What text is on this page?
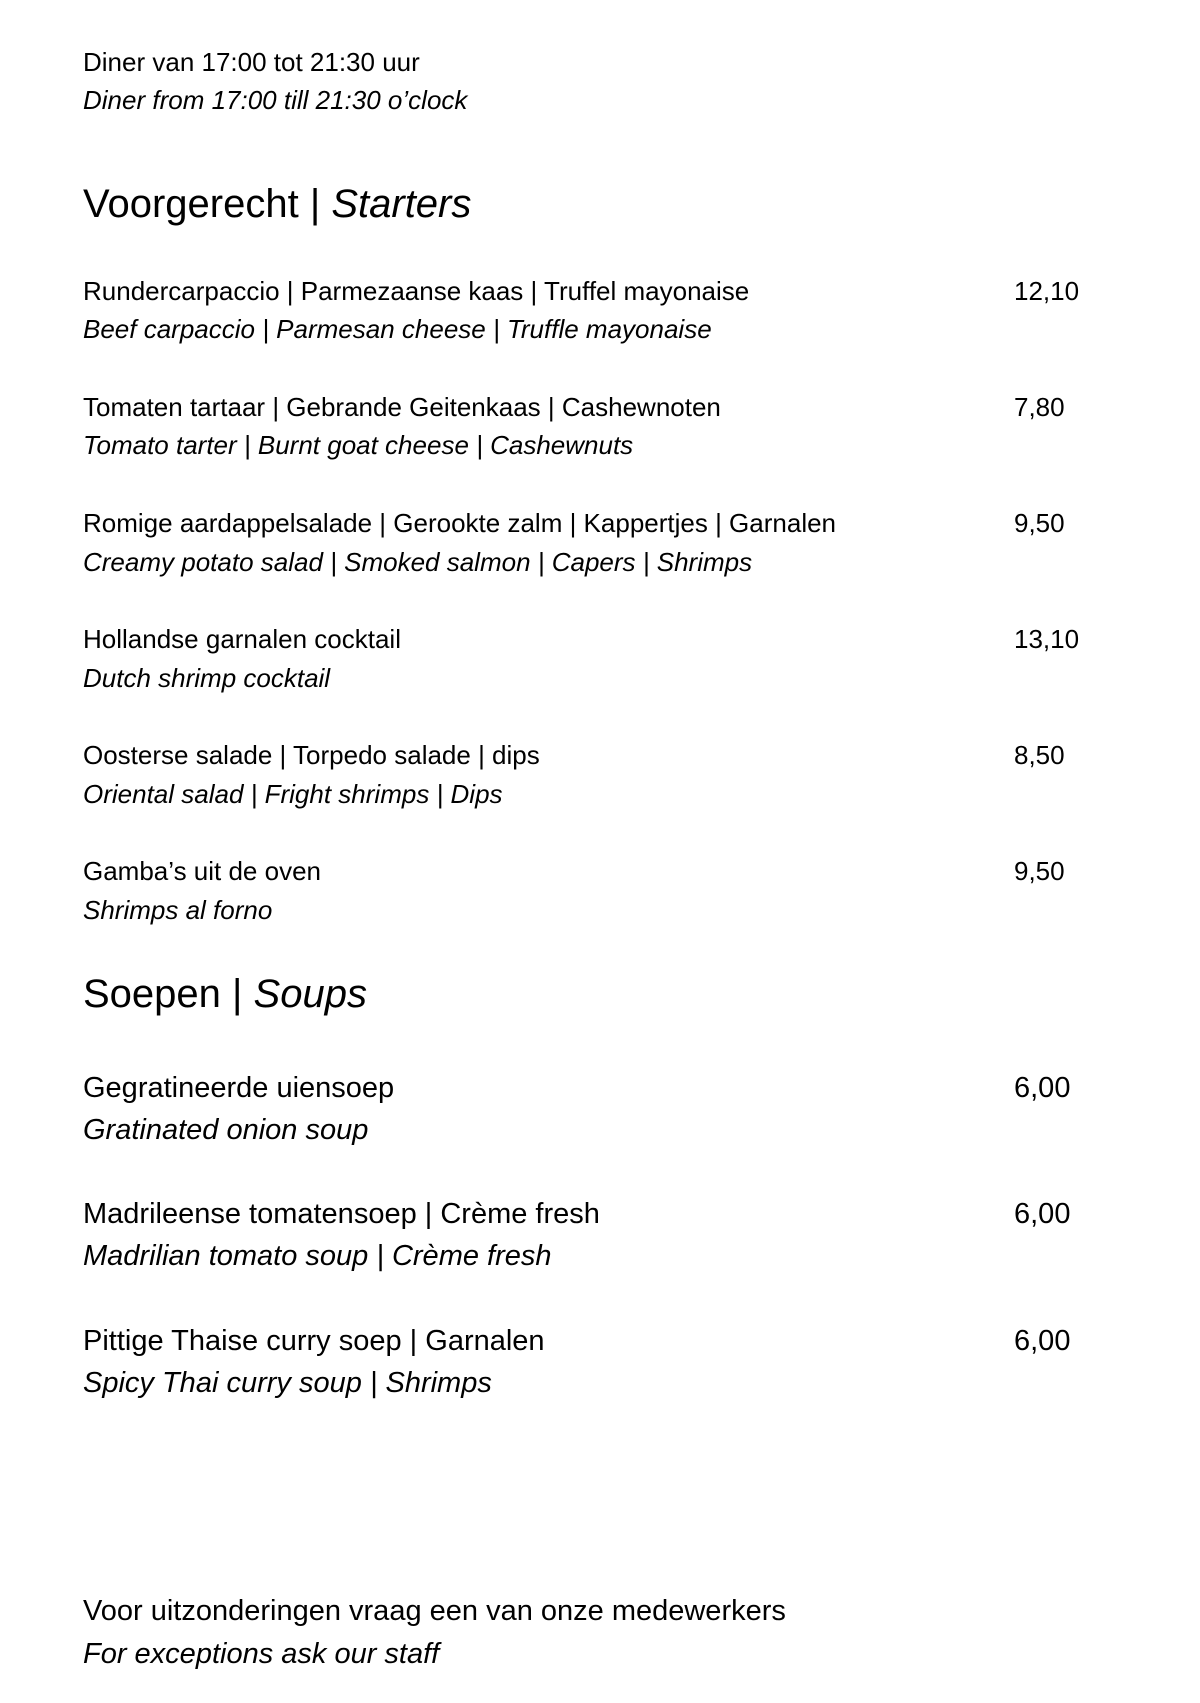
Diner van 17:00 tot 21:30 uur
Diner from 17:00 till 21:30 o’clock
Voorgerecht | Starters
Rundercarpaccio | Parmezaanse kaas | Truffel mayonaise	12,10
Beef carpaccio | Parmesan cheese | Truffle mayonaise
Tomaten tartaar | Gebrande Geitenkaas | Cashewnoten	7,80
Tomato tarter | Burnt goat cheese | Cashewnuts
Romige aardappelsalade | Gerookte zalm | Kappertjes | Garnalen	9,50
Creamy potato salad | Smoked salmon | Capers | Shrimps
Hollandse garnalen cocktail	13,10
Dutch shrimp cocktail
Oosterse salade | Torpedo salade | dips	8,50
Oriental salad | Fright shrimps | Dips
Gamba’s uit de oven	9,50
Shrimps al forno
Soepen | Soups
Gegratineerde uiensoep	6,00
Gratinated onion soup
Madrileense tomatensoep | Crème fresh	6,00
Madrilian tomato soup | Crème fresh
Pittige Thaise curry soep | Garnalen	6,00
Spicy Thai curry soup | Shrimps
Voor uitzonderingen vraag een van onze medewerkers
For exceptions ask our staff
